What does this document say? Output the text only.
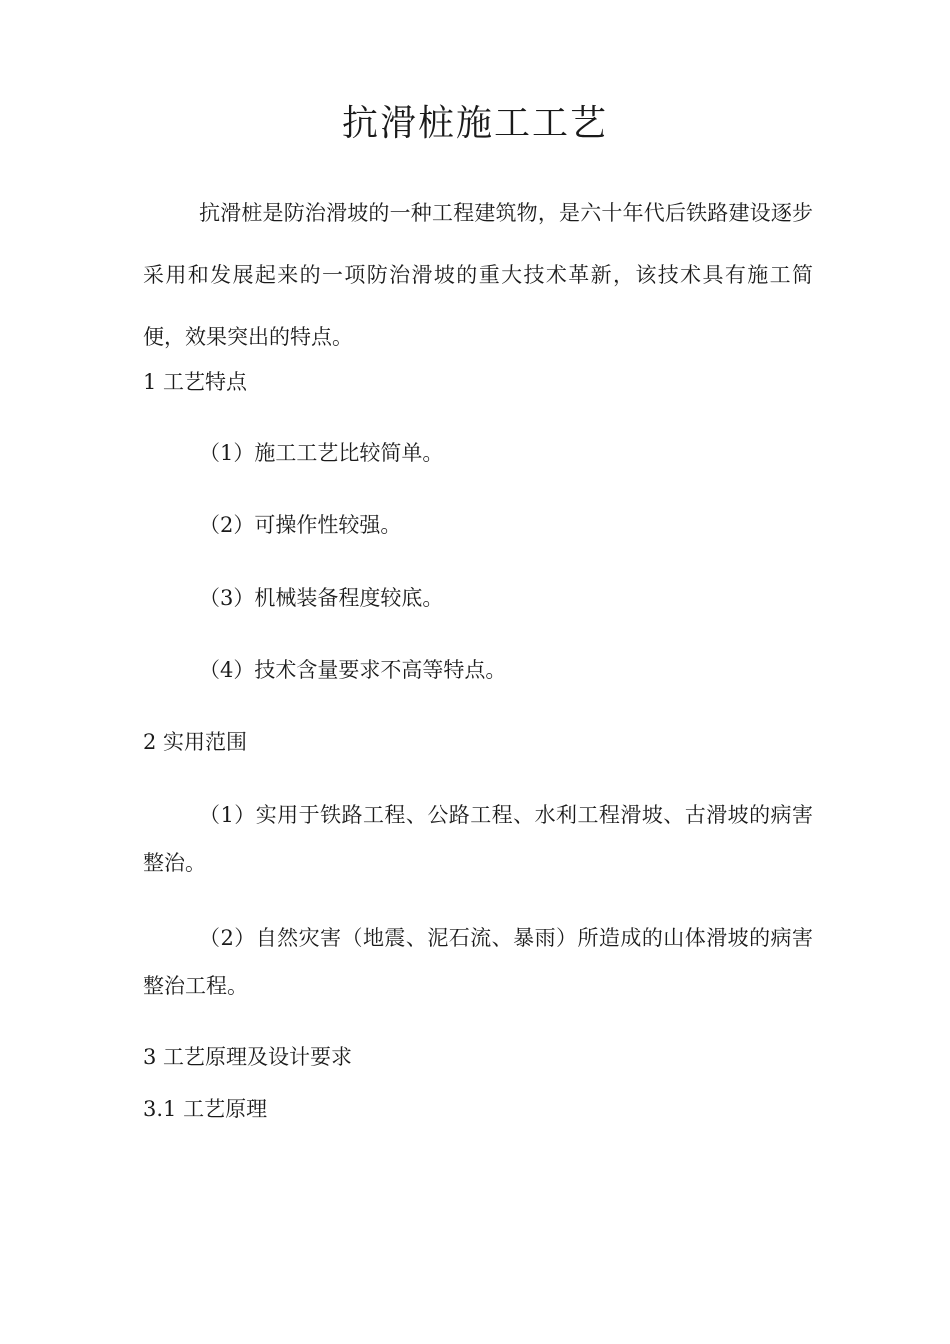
抗滑桩施工工艺
抗滑桩是防治滑坡的一种工程建筑物，是六十年代后铁路建设逐步采用和发展起来的一项防治滑坡的重大技术革新，该技术具有施工简便，效果突出的特点。
1 工艺特点
（1）施工工艺比较简单。
（2）可操作性较强。
（3）机械装备程度较底。
（4）技术含量要求不高等特点。
2 实用范围
（1）实用于铁路工程、公路工程、水利工程滑坡、古滑坡的病害整治。
（2）自然灾害（地震、泥石流、暴雨）所造成的山体滑坡的病害整治工程。
3 工艺原理及设计要求
3.1 工艺原理
